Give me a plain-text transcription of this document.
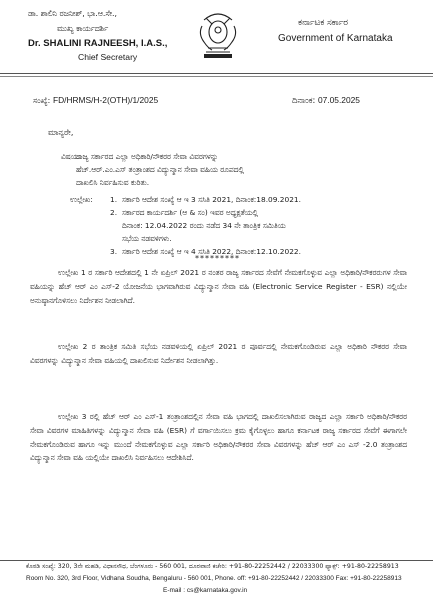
ಡಾ. ಶಾಲಿನಿ ರಜನೀಶ್, ಭಾ.ಆ.ಸೇ.,
ಮುಖ್ಯ ಕಾರ್ಯದರ್ಶಿ
Dr. SHALINI RAJNEESH, I.A.S.,
Chief Secretary
ಕರ್ನಾಟಕ ಸರ್ಕಾರ
Government of Karnataka
ಸಂಖ್ಯೆ: FD/HRMS/H-2(OTH)/1/2025	ದಿನಾಂಕ: 07.05.2025
ಮಾನ್ಯರೇ,
ವಿಷಯ:
ರಾಜ್ಯ ಸರ್ಕಾರದ ಎಲ್ಲಾ ಅಧಿಕಾರಿ/ನೌಕರರ ಸೇವಾ ವಿವರಗಳನ್ನು
ಹೆಚ್.ಆರ್.ಎಂ.ಎಸ್ ತಂತ್ರಾಂಶದ ವಿದ್ಯುನ್ಮಾನ ಸೇವಾ ವಹಿಯ ರೂಪದಲ್ಲಿ
ದಾಖಲಿಸಿ ನಿರ್ವಹಿಸುವ ಕುರಿತು.
ಉಲ್ಲೇಖ: 1. ಸರ್ಕಾರಿ ಆದೇಶ ಸಂಖ್ಯೆ ಆ ಇ 3 ಸಸಿತಿ 2021, ದಿನಾಂಕ:18.09.2021.
2. ಸರ್ಕಾರದ ಕಾರ್ಯದರ್ಶಿ (ಆ & ಸಂ) ಇವರ ಅಧ್ಯಕ್ಷತೆಯಲ್ಲಿ
ದಿನಾಂಕ: 12.04.2022 ರಂದು ನಡೆದ 34 ನೇ ತಾಂತ್ರಿಕ ಸಮಿತಿಯ
ಸಭೆಯ ನಡವಳಿಗಳು.
3. ಸರ್ಕಾರಿ ಆದೇಶ ಸಂಖ್ಯೆ ಆ ಇ 4 ಸಸಿತಿ 2022, ದಿನಾಂಕ:12.10.2022.
*********

ಉಲ್ಲೇಖ 1 ರ ಸರ್ಕಾರಿ ಆದೇಶದಲ್ಲಿ 1 ನೇ ಏಪ್ರಿಲ್ 2021 ರ ನಂತರ ರಾಜ್ಯ ಸರ್ಕಾರದ ಸೇವೆಗೆ ನೇಮಕಗೊಳ್ಳುವ ಎಲ್ಲಾ ಅಧಿಕಾರಿ/ನೌಕರರುಗಳ ಸೇವಾ ವಹಿಯನ್ನು ಹೆಚ್ ಆರ್ ಎಂ ಎಸ್-2 ಯೋಜನೆಯ ಭಾಗವಾಗಿರುವ ವಿದ್ಯುನ್ಮಾನ ಸೇವಾ ವಹಿ (Electronic Service Register - ESR) ನಲ್ಲಿಯೇ ಅನುಷ್ಠಾನಗೊಳಿಸಲು ನಿರ್ದೇಶನ ನೀಡಲಾಗಿದೆ.

ಉಲ್ಲೇಖ 2 ರ ತಾಂತ್ರಿಕ ಸಮಿತಿ ಸಭೆಯ ನಡವಳಿಯಲ್ಲಿ ಏಪ್ರಿಲ್ 2021 ರ ಪೂರ್ವದಲ್ಲಿ ನೇಮಕಗೊಂಡಿರುವ ಎಲ್ಲಾ ಅಧಿಕಾರಿ ನೌಕರರ ಸೇವಾ ವಿವರಗಳನ್ನು ವಿದ್ಯುನ್ಮಾನ ಸೇವಾ ವಹಿಯಲ್ಲಿ ದಾಖಲಿಸುವ ನಿರ್ದೇಶನ ನೀಡಲಾಗಿತ್ತು.

ಉಲ್ಲೇಖ 3 ರಲ್ಲಿ ಹೆಚ್ ಆರ್ ಎಂ ಎಸ್-1 ತಂತ್ರಾಂಶದಲ್ಲಿನ ಸೇವಾ ವಹಿ ಭಾಗದಲ್ಲಿ ದಾಖಲಿಸಲಾಗಿರುವ ರಾಜ್ಯದ ಎಲ್ಲಾ ಸರ್ಕಾರಿ ಅಧಿಕಾರಿ/ನೌಕರರ ಸೇವಾ ವಿವರಗಳ ಮಾಹಿತಿಗಳನ್ನು ವಿದ್ಯುನ್ಮಾನ ಸೇವಾ ವಹಿ (ESR) ಗೆ ವರ್ಗಾಯಿಸಲು ಕ್ರಮ ಕೈಗೊಳ್ಳಲು ಹಾಗೂ ಕರ್ನಾಟಕ ರಾಜ್ಯ ಸರ್ಕಾರದ ಸೇವೆಗೆ ಈಗಾಗಲೇ ನೇಮಕಗೊಂಡಿರುವ ಹಾಗೂ ಇನ್ನು ಮುಂದೆ ನೇಮಕಗೊಳ್ಳುವ ಎಲ್ಲಾ ಸರ್ಕಾರಿ ಅಧಿಕಾರಿ/ನೌಕರರ ಸೇವಾ ವಿವರಗಳನ್ನು ಹೆಚ್ ಆರ್ ಎಂ ಎಸ್ -2.0 ತಂತ್ರಾಂಶದ ವಿದ್ಯುನ್ಮಾನ ಸೇವಾ ವಹಿ ಯಲ್ಲಿಯೇ ದಾಖಲಿಸಿ ನಿರ್ವಹಿಸಲು ಆದೇಶಿಸಿದೆ.

ಕೊಠಡಿ ಸಂಖ್ಯೆ: 320, 3ನೇ ಮಹಡಿ, ವಿಧಾನಸೌಧ, ಬೆಂಗಳೂರು - 560 001, ದೂರವಾಣಿ ಕಚೇರಿ: +91-80-22252442 / 22033300 ಫ್ಯಾಕ್ಸ್: +91-80-22258913
Room No. 320, 3rd Floor, Vidhana Soudha, Bengaluru - 560 001, Phone. off: +91-80-22252442 / 22033300 Fax: +91-80-22258913
E-mail : cs@karnataka.gov.in
